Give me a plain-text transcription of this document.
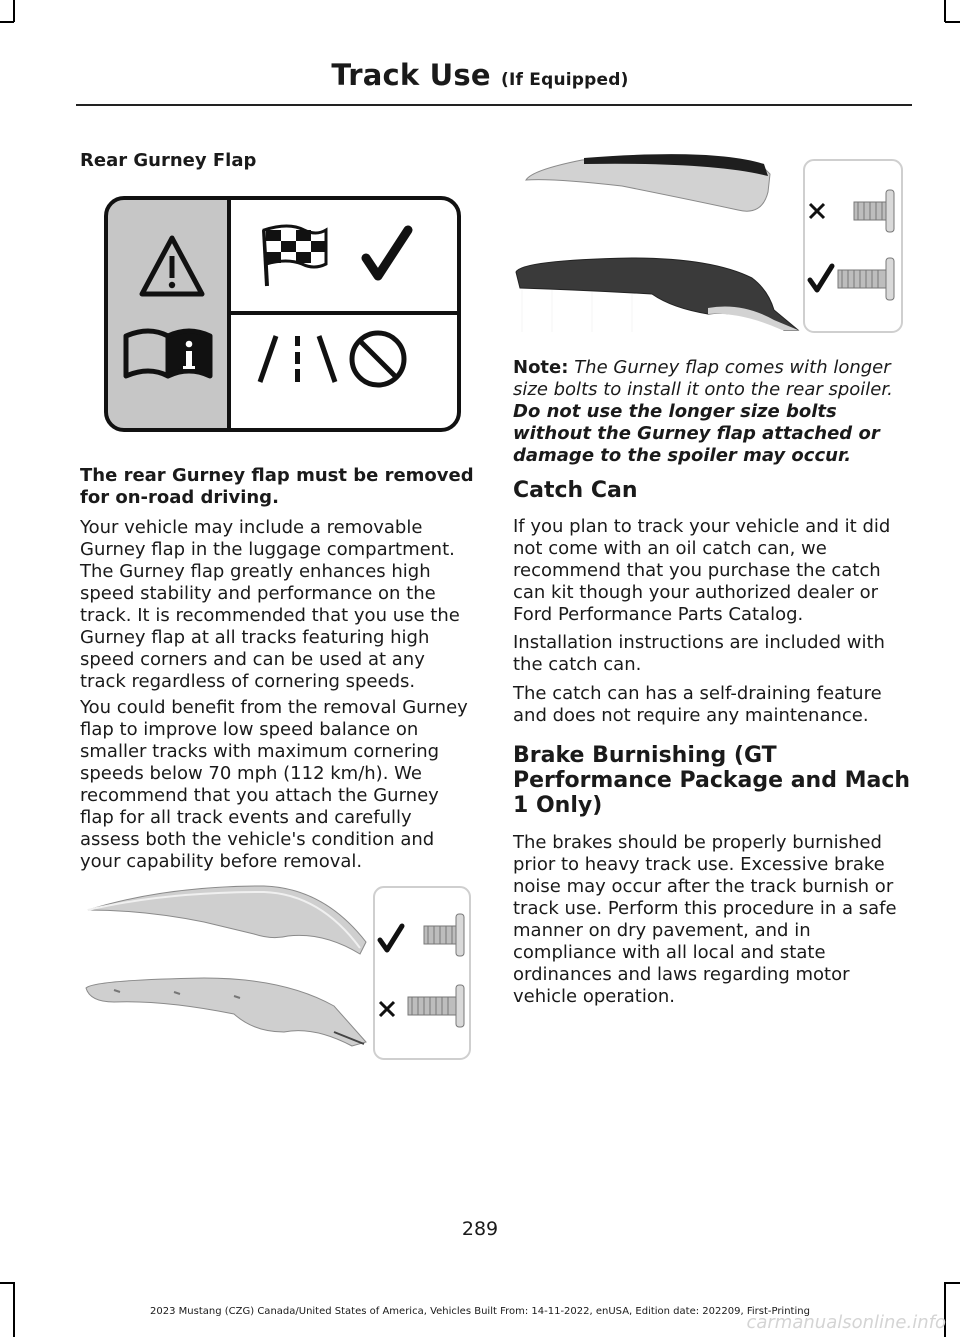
Track Use (If Equipped)
Rear Gurney Flap
The rear Gurney flap must be removed for on-road driving.
Your vehicle may include a removable Gurney flap in the luggage compartment. The Gurney flap greatly enhances high speed stability and performance on the track. It is recommended that you use the Gurney flap at all tracks featuring high speed corners and can be used at any track regardless of cornering speeds.
You could benefit from the removal Gurney flap to improve low speed balance on smaller tracks with maximum cornering speeds below 70 mph (112 km/h). We recommend that you attach the Gurney flap for all track events and carefully assess both the vehicle's condition and your capability before removal.
Note: The Gurney flap comes with longer size bolts to install it onto the rear spoiler. Do not use the longer size bolts without the Gurney flap attached or damage to the spoiler may occur.
Catch Can
If you plan to track your vehicle and it did not come with an oil catch can, we recommend that you purchase the catch can kit though your authorized dealer or Ford Performance Parts Catalog.
Installation instructions are included with the catch can.
The catch can has a self-draining feature and does not require any maintenance.
Brake Burnishing (GT Performance Package and Mach 1 Only)
The brakes should be properly burnished prior to heavy track use. Excessive brake noise may occur after the track burnish or track use. Perform this procedure in a safe manner on dry pavement, and in compliance with all local and state ordinances and laws regarding motor vehicle operation.
289
2023 Mustang (CZG) Canada/United States of America, Vehicles Built From: 14-11-2022, enUSA, Edition date: 202209, First-Printing
carmanualsonline.info
